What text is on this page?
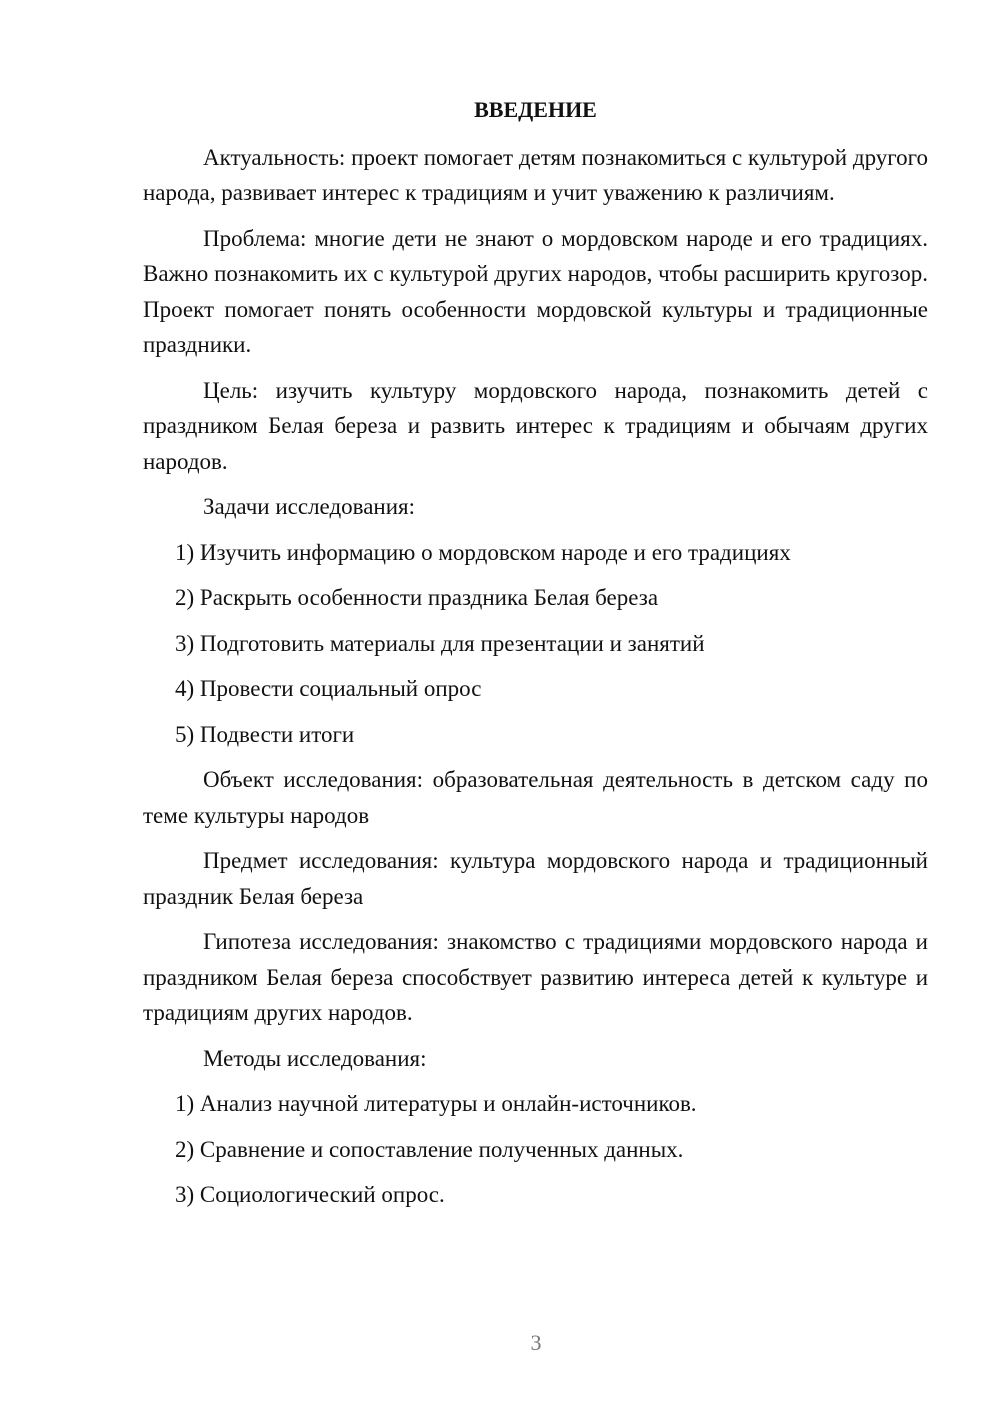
ВВЕДЕНИЕ

Актуальность: проект помогает детям познакомиться с культурой другого народа, развивает интерес к традициям и учит уважению к различиям.

Проблема: многие дети не знают о мордовском народе и его традициях. Важно познакомить их с культурой других народов, чтобы расширить кругозор. Проект помогает понять особенности мордовской культуры и традиционные праздники.

Цель: изучить культуру мордовского народа, познакомить детей с праздником Белая береза и развить интерес к традициям и обычаям других народов.

Задачи исследования:

1) Изучить информацию о мордовском народе и его традициях
2) Раскрыть особенности праздника Белая береза
3) Подготовить материалы для презентации и занятий
4) Провести социальный опрос
5) Подвести итоги

Объект исследования: образовательная деятельность в детском саду по теме культуры народов

Предмет исследования: культура мордовского народа и традиционный праздник Белая береза

Гипотеза исследования: знакомство с традициями мордовского народа и праздником Белая береза способствует развитию интереса детей к культуре и традициям других народов.

Методы исследования:

1) Анализ научной литературы и онлайн-источников.
2) Сравнение и сопоставление полученных данных.
3) Социологический опрос.
3
